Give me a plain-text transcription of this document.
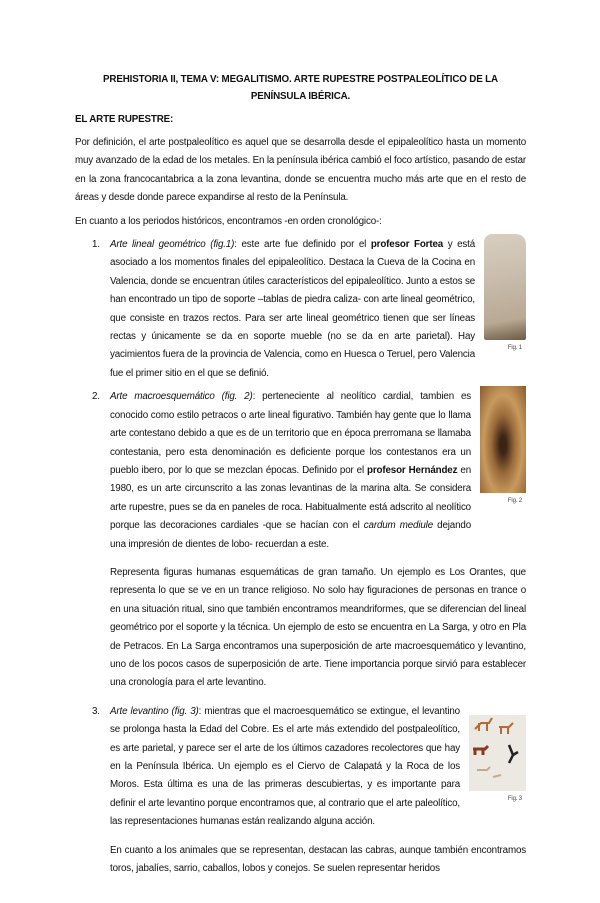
PREHISTORIA II, TEMA V: MEGALITISMO. ARTE RUPESTRE POSTPALEOLÍTICO DE LA PENÍNSULA IBÉRICA.

EL ARTE RUPESTRE:

Por definición, el arte postpaleolítico es aquel que se desarrolla desde el epipaleolítico hasta un momento muy avanzado de la edad de los metales. En la península ibérica cambió el foco artístico, pasando de estar en la zona francocantabrica a la zona levantina, donde se encuentra mucho más arte que en el resto de áreas y desde donde parece expandirse al resto de la Península.

En cuanto a los periodos históricos, encontramos -en orden cronológico-:

1.	Arte lineal geométrico (fig.1): este arte fue definido por el profesor Fortea y está asociado a los momentos finales del epipaleolítico. Destaca la Cueva de la Cocina en Valencia, donde se encuentran útiles característicos del epipaleolítico. Junto a estos se han encontrado un tipo de soporte –tablas de piedra caliza- con arte lineal geométrico, que consiste en trazos rectos. Para ser arte lineal geométrico tienen que ser líneas rectas y únicamente se da en soporte mueble (no se da en arte parietal). Hay yacimientos fuera de la provincia de Valencia, como en Huesca o Teruel, pero Valencia fue el primer sitio en el que se definió.
Fig. 1
2.	Arte macroesquemático (fig. 2): perteneciente al neolítico cardial, tambien es conocido como estilo petracos o arte lineal figurativo. También hay gente que lo llama arte contestano debido a que es de un territorio que en época prerromana se llamaba contestania, pero esta denominación es deficiente porque los contestanos era un pueblo ibero, por lo que se mezclan épocas. Definido por el profesor Hernández en 1980, es un arte circunscrito a las zonas levantinas de la marina alta. Se considera arte rupestre, pues se da en paneles de roca. Habitualmente está adscrito al neolítico porque las decoraciones cardiales -que se hacían con el cardum mediule dejando una impresión de dientes de lobo- recuerdan a este.
Fig. 2

Representa figuras humanas esquemáticas de gran tamaño. Un ejemplo es Los Orantes, que representa lo que se ve en un trance religioso. No solo hay figuraciones de personas en trance o en una situación ritual, sino que también encontramos meandriformes, que se diferencian del lineal geométrico por el soporte y la técnica. Un ejemplo de esto se encuentra en La Sarga, y otro en Pla de Petracos. En La Sarga encontramos una superposición de arte macroesquemático y levantino, uno de los pocos casos de superposición de arte. Tiene importancia porque sirvió para establecer una cronología para el arte levantino.

3.	Arte levantino (fig. 3): mientras que el macroesquemático se extingue, el levantino se prolonga hasta la Edad del Cobre. Es el arte más extendido del postpaleolítico, es arte parietal, y parece ser el arte de los últimos cazadores recolectores que hay en la Península Ibérica. Un ejemplo es el Ciervo de Calapatá y la Roca de los Moros. Esta última es una de las primeras descubiertas, y es importante para definir el arte levantino porque encontramos que, al contrario que el arte paleolítico, las representaciones humanas están realizando alguna acción.
Fig. 3

En cuanto a los animales que se representan, destacan las cabras, aunque también encontramos toros, jabalíes, sarrio, caballos, lobos y conejos. Se suelen representar heridos
